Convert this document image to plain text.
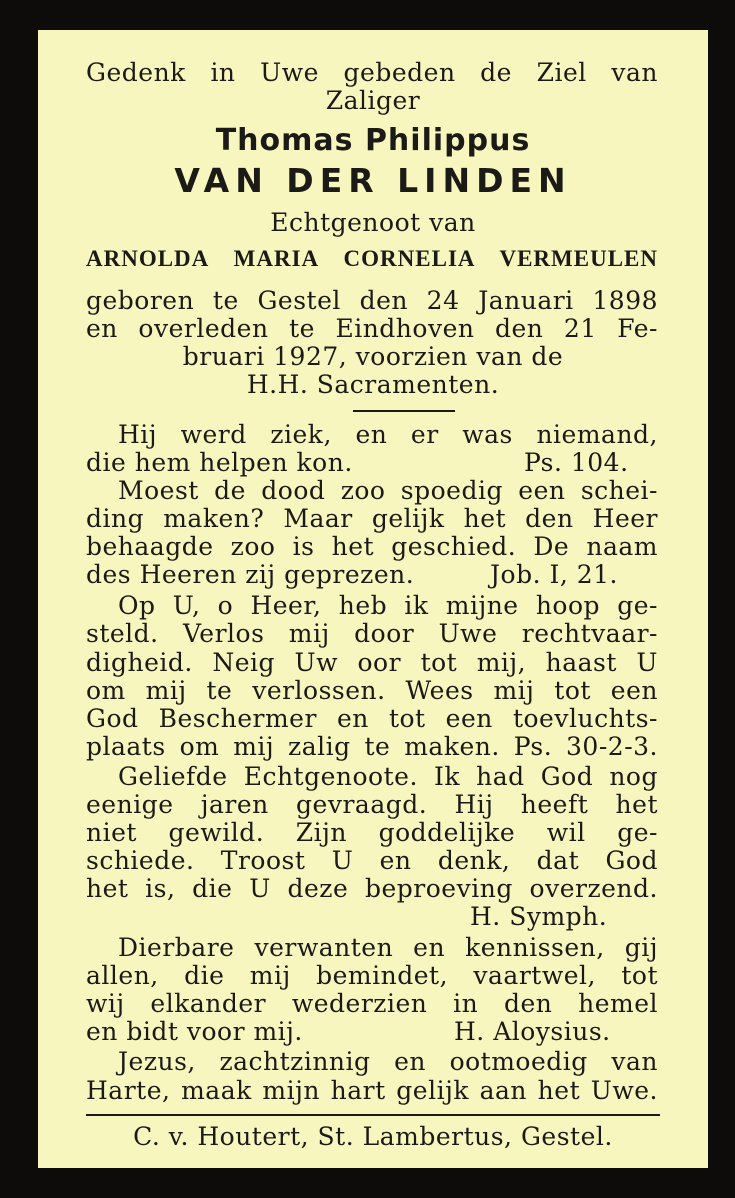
Gedenk in Uwe gebeden de Ziel van
Zaliger
Thomas Philippus
VAN DER LINDEN
Echtgenoot van
ARNOLDA MARIA CORNELIA VERMEULEN
geboren te Gestel den 24 Januari 1898
en overleden te Eindhoven den 21 Fe-
bruari 1927, voorzien van de
H.H. Sacramenten.
Hij werd ziek, en er was niemand,
die hem helpen kon.	Ps. 104.
Moest de dood zoo spoedig een schei-
ding maken? Maar gelijk het den Heer
behaagde zoo is het geschied. De naam
des Heeren zij geprezen.	Job. I, 21.
Op U, o Heer, heb ik mijne hoop ge-
steld. Verlos mij door Uwe rechtvaar-
digheid. Neig Uw oor tot mij, haast U
om mij te verlossen. Wees mij tot een
God Beschermer en tot een toevluchts-
plaats om mij zalig te maken. Ps. 30-2-3.
Geliefde Echtgenoote. Ik had God nog
eenige jaren gevraagd. Hij heeft het
niet gewild. Zijn goddelijke wil ge-
schiede. Troost U en denk, dat God
het is, die U deze beproeving overzend.
H. Symph.
Dierbare verwanten en kennissen, gij
allen, die mij bemindet, vaartwel, tot
wij elkander wederzien in den hemel
en bidt voor mij.	H. Aloysius.
Jezus, zachtzinnig en ootmoedig van
Harte, maak mijn hart gelijk aan het Uwe.
C. v. Houtert, St. Lambertus, Gestel.
